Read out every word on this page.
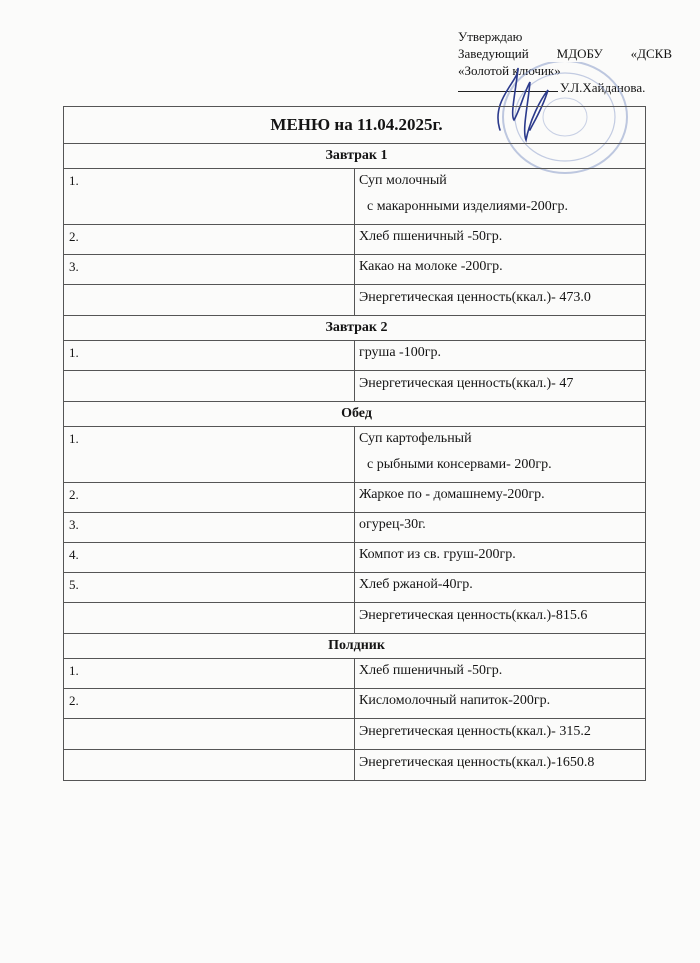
Утверждаю
Заведующий МДОБУ «ДСКВ
«Золотой ключик»
У.Л.Хайданова.
МЕНЮ на 11.04.2025г.	
Завтрак 1	
1.	Суп молочный
с макаронными изделиями-200гр.

2.	Хлеб пшеничный -50гр.
3.	Какао на молоке -200гр.
	Энергетическая ценность(ккал.)- 473.0
Завтрак 2	
1.	груша -100гр.
	Энергетическая ценность(ккал.)- 47
Обед	
1.	Суп картофельный
с рыбными консервами- 200гр.

2.	Жаркое по - домашнему-200гр.
3.	огурец-30г.
4.	Компот из св. груш-200гр.
5.	Хлеб ржаной-40гр.
	Энергетическая ценность(ккал.)-815.6
Полдник	
1.	Хлеб пшеничный -50гр.
2.	Кисломолочный напиток-200гр.
	Энергетическая ценность(ккал.)- 315.2
	Энергетическая ценность(ккал.)-1650.8
